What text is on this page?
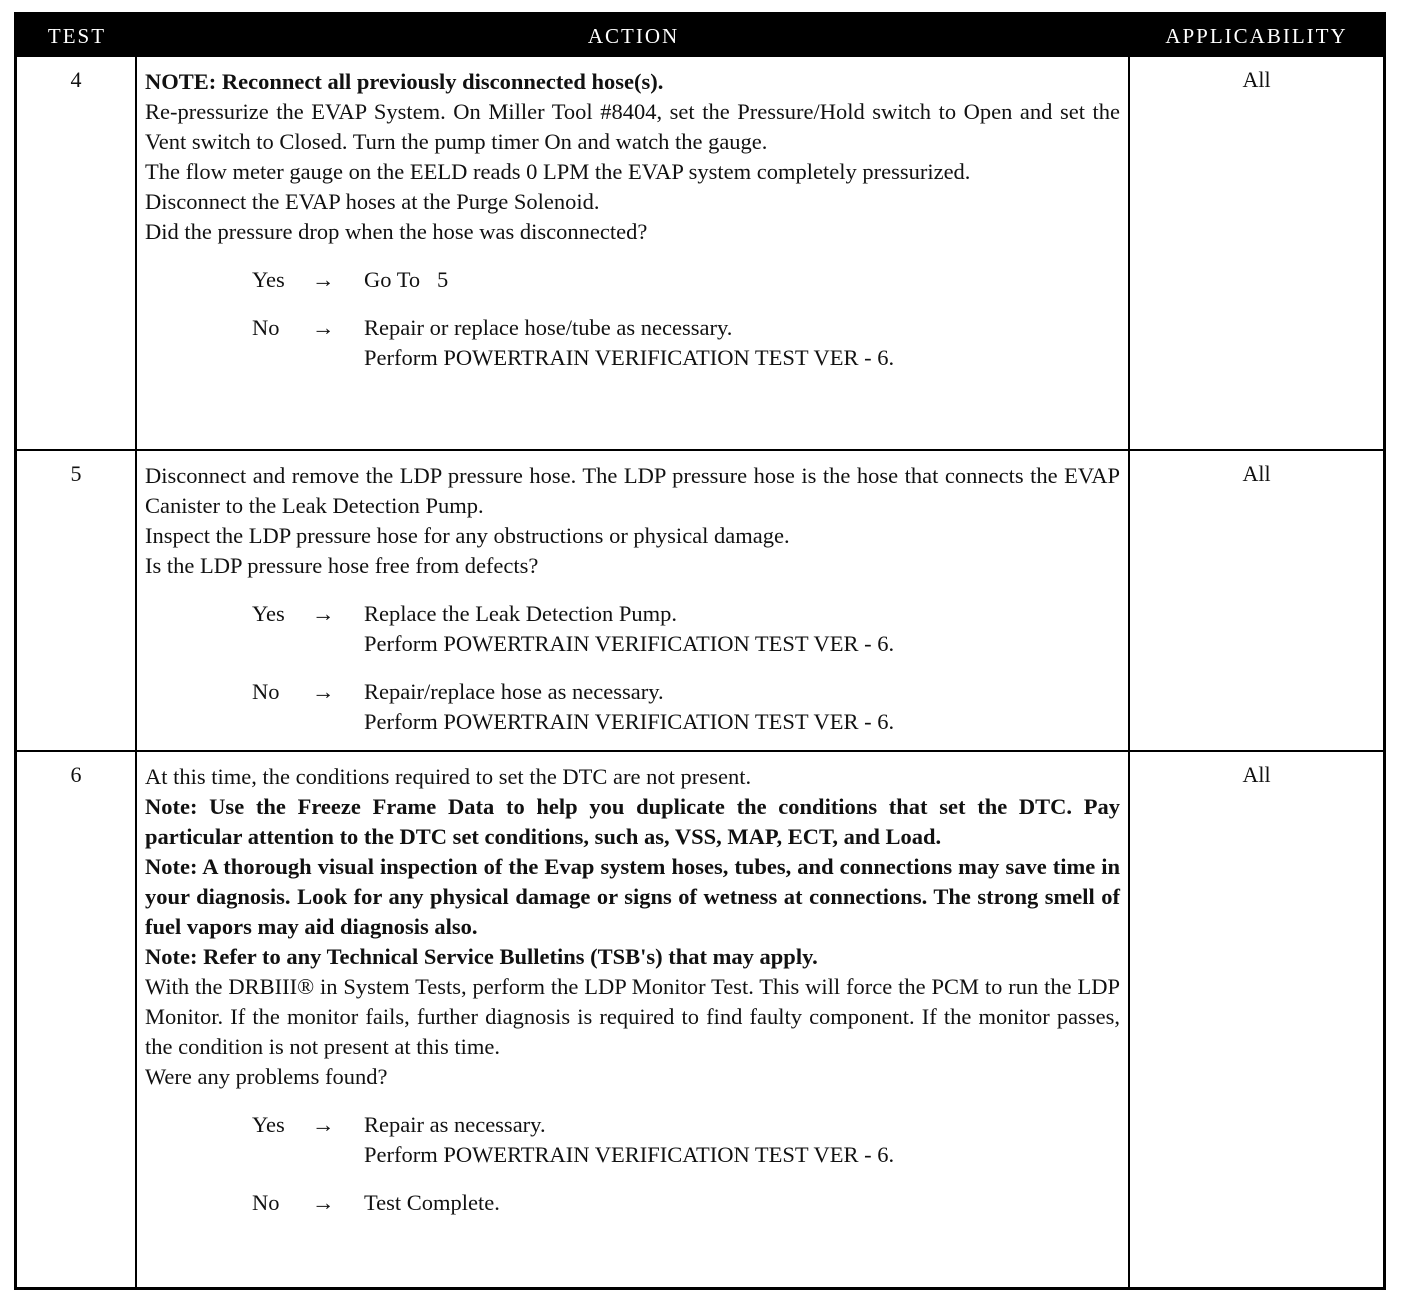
TEST	ACTION	APPLICABILITY
4	NOTE: Reconnect all previously disconnected hose(s).

Re-pressurize the EVAP System. On Miller Tool #8404, set the Pressure/Hold switch to Open and set the Vent switch to Closed. Turn the pump timer On and watch the gauge.

The flow meter gauge on the EELD reads 0 LPM the EVAP system completely pressurized.

Disconnect the EVAP hoses at the Purge Solenoid.

Did the pressure drop when the hose was disconnected?

Yes	→	Go To   5
No	→	Repair or replace hose/tube as necessary.
Perform POWERTRAIN VERIFICATION TEST VER - 6.
All
5	Disconnect and remove the LDP pressure hose. The LDP pressure hose is the hose that connects the EVAP Canister to the Leak Detection Pump.

Inspect the LDP pressure hose for any obstructions or physical damage.

Is the LDP pressure hose free from defects?

Yes	→	Replace the Leak Detection Pump.
Perform POWERTRAIN VERIFICATION TEST VER - 6.
No	→	Repair/replace hose as necessary.
Perform POWERTRAIN VERIFICATION TEST VER - 6.
All
6	At this time, the conditions required to set the DTC are not present.

Note: Use the Freeze Frame Data to help you duplicate the conditions that set the DTC. Pay particular attention to the DTC set conditions, such as, VSS, MAP, ECT, and Load.

Note: A thorough visual inspection of the Evap system hoses, tubes, and connections may save time in your diagnosis. Look for any physical damage or signs of wetness at connections. The strong smell of fuel vapors may aid diagnosis also.

Note: Refer to any Technical Service Bulletins (TSB's) that may apply.

With the DRBIII® in System Tests, perform the LDP Monitor Test. This will force the PCM to run the LDP Monitor. If the monitor fails, further diagnosis is required to find faulty component. If the monitor passes, the condition is not present at this time.

Were any problems found?

Yes	→	Repair as necessary.
Perform POWERTRAIN VERIFICATION TEST VER - 6.
No	→	Test Complete.
All
